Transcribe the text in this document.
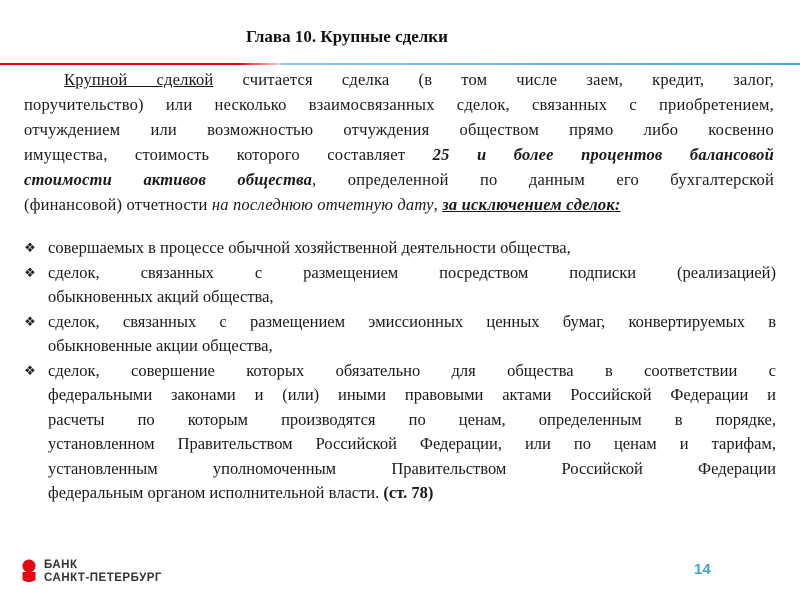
Глава 10. Крупные сделки
Крупной сделкой считается сделка (в том числе заем, кредит, залог,
поручительство) или несколько взаимосвязанных сделок, связанных с приобретением,
отчуждением или возможностью отчуждения обществом прямо либо косвенно
имущества, стоимость которого составляет 25 и более процентов балансовой
стоимости активов общества, определенной по данным его бухгалтерской
(финансовой) отчетности на последнюю отчетную дату, за исключением сделок:
❖ совершаемых в процессе обычной хозяйственной деятельности общества,
❖ сделок, связанных с размещением посредством подписки (реализацией)
обыкновенных акций общества,
❖ сделок, связанных с размещением эмиссионных ценных бумаг, конвертируемых в
обыкновенные акции общества,
❖ сделок, совершение которых обязательно для общества в соответствии с
федеральными законами и (или) иными правовыми актами Российской Федерации и
расчеты по которым производятся по ценам, определенным в порядке,
установленном Правительством Российской Федерации, или по ценам и тарифам,
установленным уполномоченным Правительством Российской Федерации
федеральным органом исполнительной власти. (ст. 78)
БАНК
САНКТ-ПЕТЕРБУРГ	14
